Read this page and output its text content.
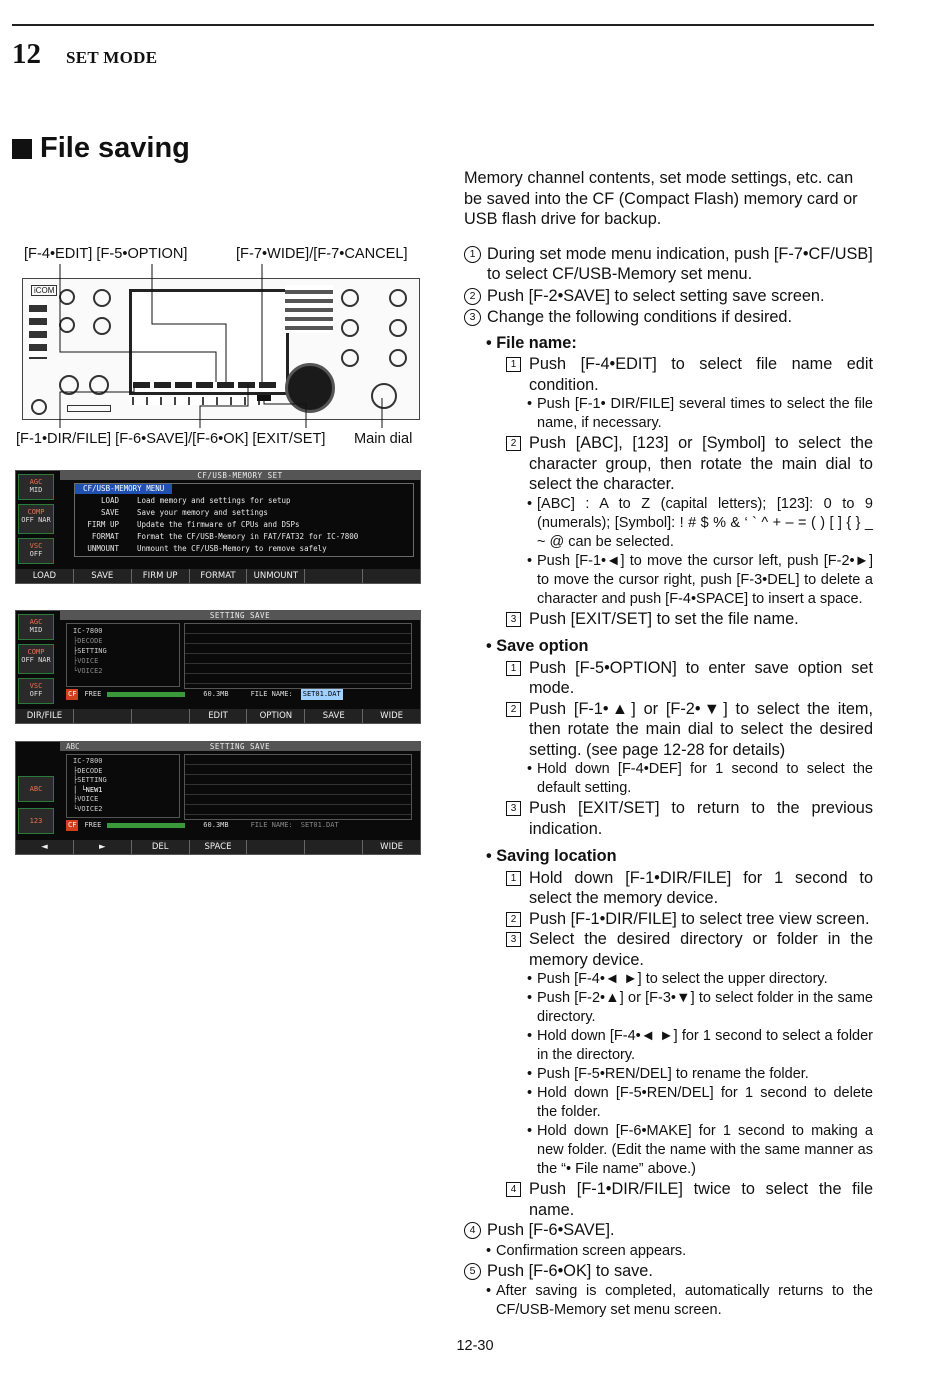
12 SET MODE
File saving
[F-4•EDIT] [F-5•OPTION]	[F-7•WIDE]/[F-7•CANCEL]
[F-1•DIR/FILE] [F-6•SAVE]/[F-6•OK] [EXIT/SET] Main dial
iCOM
CF/USB-MEMORY SET
AGC
MID
COMP
OFF NAR
VSC
OFF
CF/USB-MEMORY MENU
LOAD	Load memory and settings for setup
SAVE	Save your memory and settings
FIRM UP	Update the firmware of CPUs and DSPs
FORMAT	Format the CF/USB-Memory in FAT/FAT32 for IC-7800
UNMOUNT	Unmount the CF/USB-Memory to remove safely
LOAD	SAVE	FIRM UP	FORMAT	UNMOUNT
SETTING SAVE
AGC
MID
COMP
OFF NAR
VSC
OFF
IC-7800
├DECODE
├SETTING
├VOICE
└VOICE2
CF FREE	60.3MB	FILE NAME: SET01.DAT
DIR/FILE	EDIT	OPTION	SAVE	WIDE
SETTING SAVE
ABC
ABC
123
IC-7800
├DECODE
├SETTING
│ └NEW1
├VOICE
└VOICE2
CF FREE	60.3MB	FILE NAME: SET01.DAT
◄	►	DEL	SPACE	WIDE

Memory channel contents, set mode settings, etc. can be saved into the CF (Compact Flash) memory card or USB flash drive for backup.

1 During set mode menu indication, push [F-7•CF/USB] to select CF/USB-Memory set menu.
2 Push [F-2•SAVE] to select setting save screen.
3 Change the following conditions if desired.
• File name:
1 Push [F-4•EDIT] to select file name edit condition.
• Push [F-1• DIR/FILE] several times to select the file name, if necessary.
2 Push [ABC], [123] or [Symbol] to select the character group, then rotate the main dial to select the character.
• [ABC] : A to Z (capital letters); [123]: 0 to 9 (numerals); [Symbol]: ! # $ % & ‘ ` ^ + – = ( ) [ ] { } _ ~ @ can be selected.
• Push [F-1•◄] to move the cursor left, push [F-2•►] to move the cursor right, push [F-3•DEL] to delete a character and push [F-4•SPACE] to insert a space.
3 Push [EXIT/SET] to set the file name.
• Save option
1 Push [F-5•OPTION] to enter save option set mode.
2 Push [F-1•▲] or [F-2•▼] to select the item, then rotate the main dial to select the desired setting. (see page 12-28 for details)
• Hold down [F-4•DEF] for 1 second to select the default setting.
3 Push [EXIT/SET] to return to the previous indication.
• Saving location
1 Hold down [F-1•DIR/FILE] for 1 second to select the memory device.
2 Push [F-1•DIR/FILE] to select tree view screen.
3 Select the desired directory or folder in the memory device.
• Push [F-4•◄ ►] to select the upper directory.
• Push [F-2•▲] or [F-3•▼] to select folder in the same directory.
• Hold down [F-4•◄ ►] for 1 second to select a folder in the directory.
• Push [F-5•REN/DEL] to rename the folder.
• Hold down [F-5•REN/DEL] for 1 second to delete the folder.
• Hold down [F-6•MAKE] for 1 second to making a new folder. (Edit the name with the same manner as the “• File name” above.)
4 Push [F-1•DIR/FILE] twice to select the file name.
4 Push [F-6•SAVE].
• Confirmation screen appears.
5 Push [F-6•OK] to save.
• After saving is completed, automatically returns to the CF/USB-Memory set menu screen.
12-30
